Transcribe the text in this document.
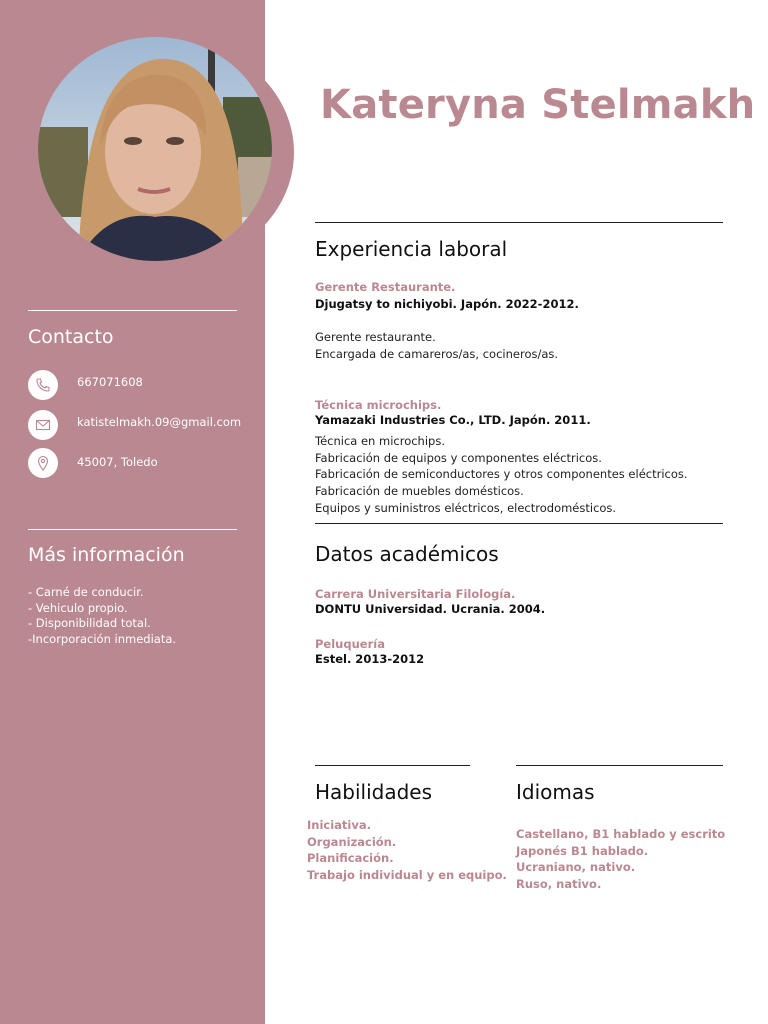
Contacto
667071608
katistelmakh.09@gmail.com
45007, Toledo
Más información
- Carné de conducir.
- Vehiculo propio.
- Disponibilidad total.
-Incorporación inmediata.
Kateryna Stelmakh
Experiencia laboral
Gerente Restaurante.
Djugatsy to nichiyobi. Japón. 2022-2012.
Gerente restaurante.
Encargada de camareros/as, cocineros/as.
Técnica microchips.
Yamazaki Industries Co., LTD. Japón. 2011.
Técnica en microchips.
Fabricación de equipos y componentes eléctricos.
Fabricación de semiconductores y otros componentes eléctricos.
Fabricación de muebles domésticos.
Equipos y suministros eléctricos, electrodomésticos.
Datos académicos
Carrera Universitaria Filología.
DONTU Universidad. Ucrania. 2004.
Peluquería
Estel. 2013-2012
Habilidades
Iniciativa.
Organización.
Planificación.
Trabajo individual y en equipo.
Idiomas
Castellano, B1 hablado y escrito
Japonés B1 hablado.
Ucraniano, nativo.
Ruso, nativo.
